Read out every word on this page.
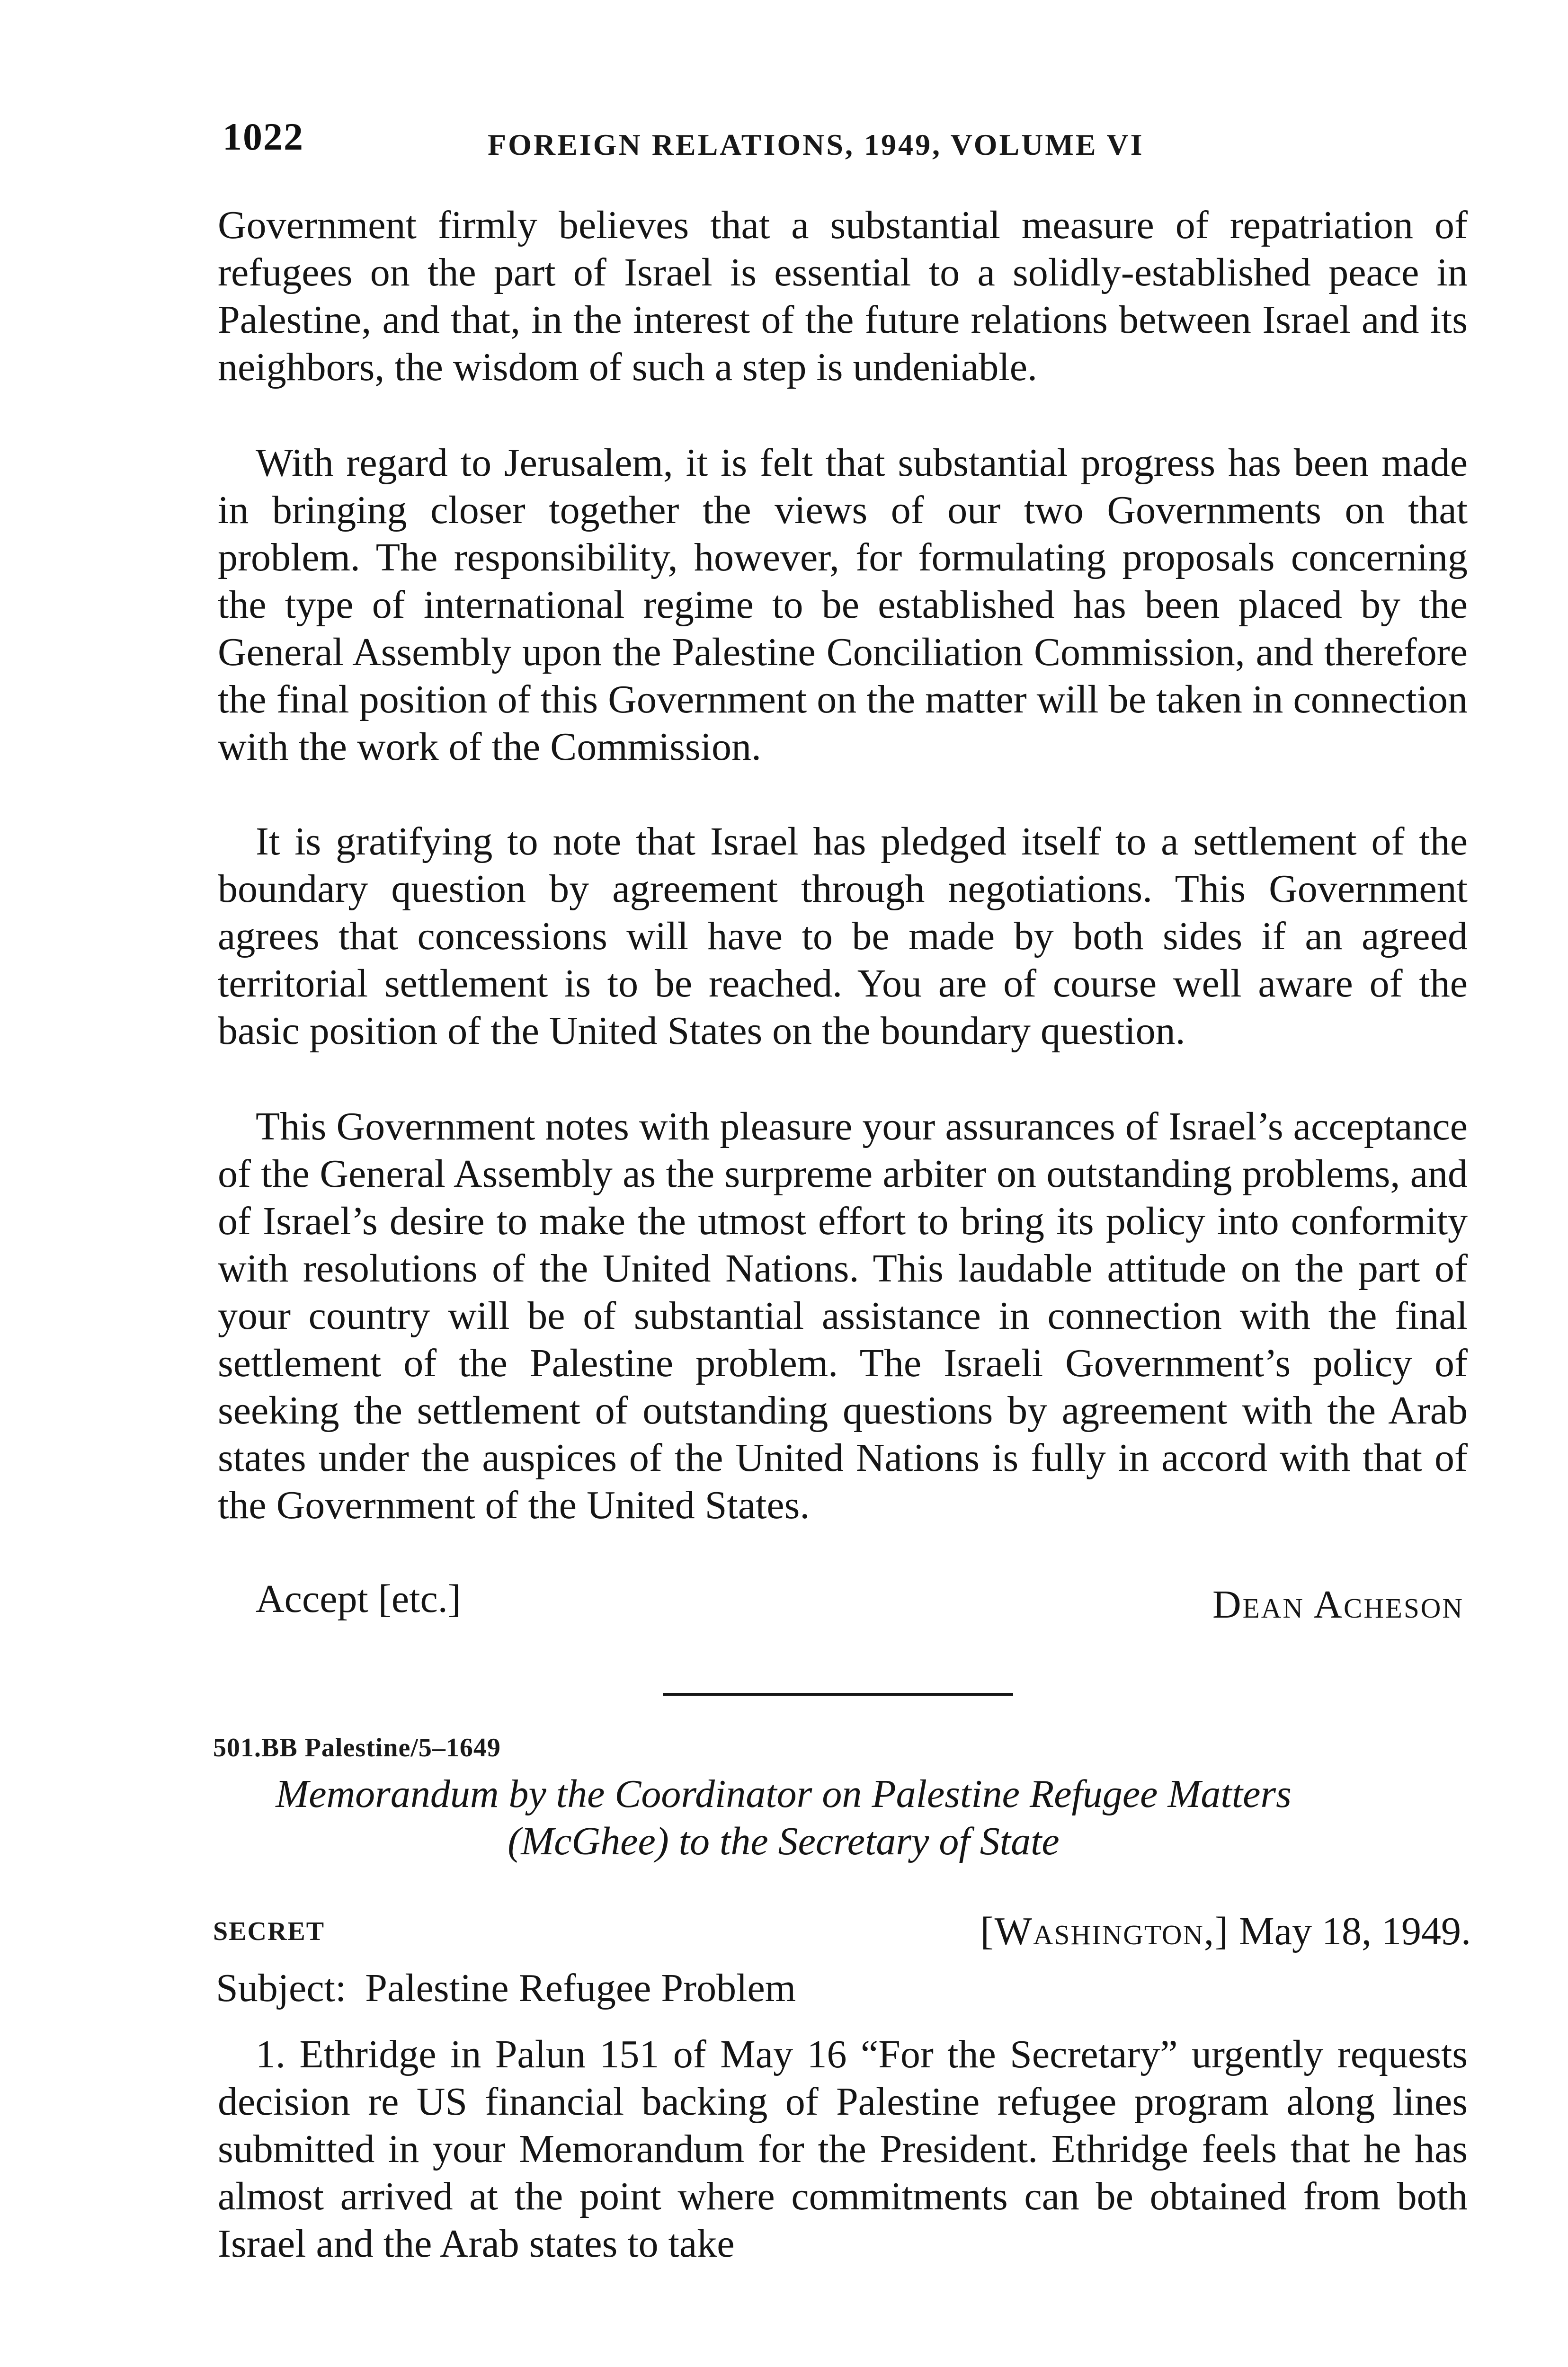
1022	FOREIGN RELATIONS, 1949, VOLUME VI

Government firmly believes that a substantial measure of repatriation of refugees on the part of Israel is essential to a solidly-established peace in Palestine, and that, in the interest of the future relations between Israel and its neighbors, the wisdom of such a step is undeniable.

With regard to Jerusalem, it is felt that substantial progress has been made in bringing closer together the views of our two Governments on that problem. The responsibility, however, for formulating proposals concerning the type of international regime to be established has been placed by the General Assembly upon the Palestine Conciliation Commission, and therefore the final position of this Government on the matter will be taken in connection with the work of the Commission.

It is gratifying to note that Israel has pledged itself to a settlement of the boundary question by agreement through negotiations. This Government agrees that concessions will have to be made by both sides if an agreed territorial settlement is to be reached. You are of course well aware of the basic position of the United States on the boundary question.

This Government notes with pleasure your assurances of Israel’s acceptance of the General Assembly as the surpreme arbiter on outstanding problems, and of Israel’s desire to make the utmost effort to bring its policy into conformity with resolutions of the United Nations. This laudable attitude on the part of your country will be of substantial assistance in connection with the final settlement of the Palestine problem. The Israeli Government’s policy of seeking the settlement of outstanding questions by agreement with the Arab states under the auspices of the United Nations is fully in accord with that of the Government of the United States.

Accept [etc.]	Dean Acheson
501.BB Palestine/5–1649
Memorandum by the Coordinator on Palestine Refugee Matters
(McGhee) to the Secretary of State
SECRET	[Washington,] May 18, 1949.
Subject: Palestine Refugee Problem

1. Ethridge in Palun 151 of May 16 “For the Secretary” urgently requests decision re US financial backing of Palestine refugee program along lines submitted in your Memorandum for the President. Ethridge feels that he has almost arrived at the point where commitments can be obtained from both Israel and the Arab states to take
